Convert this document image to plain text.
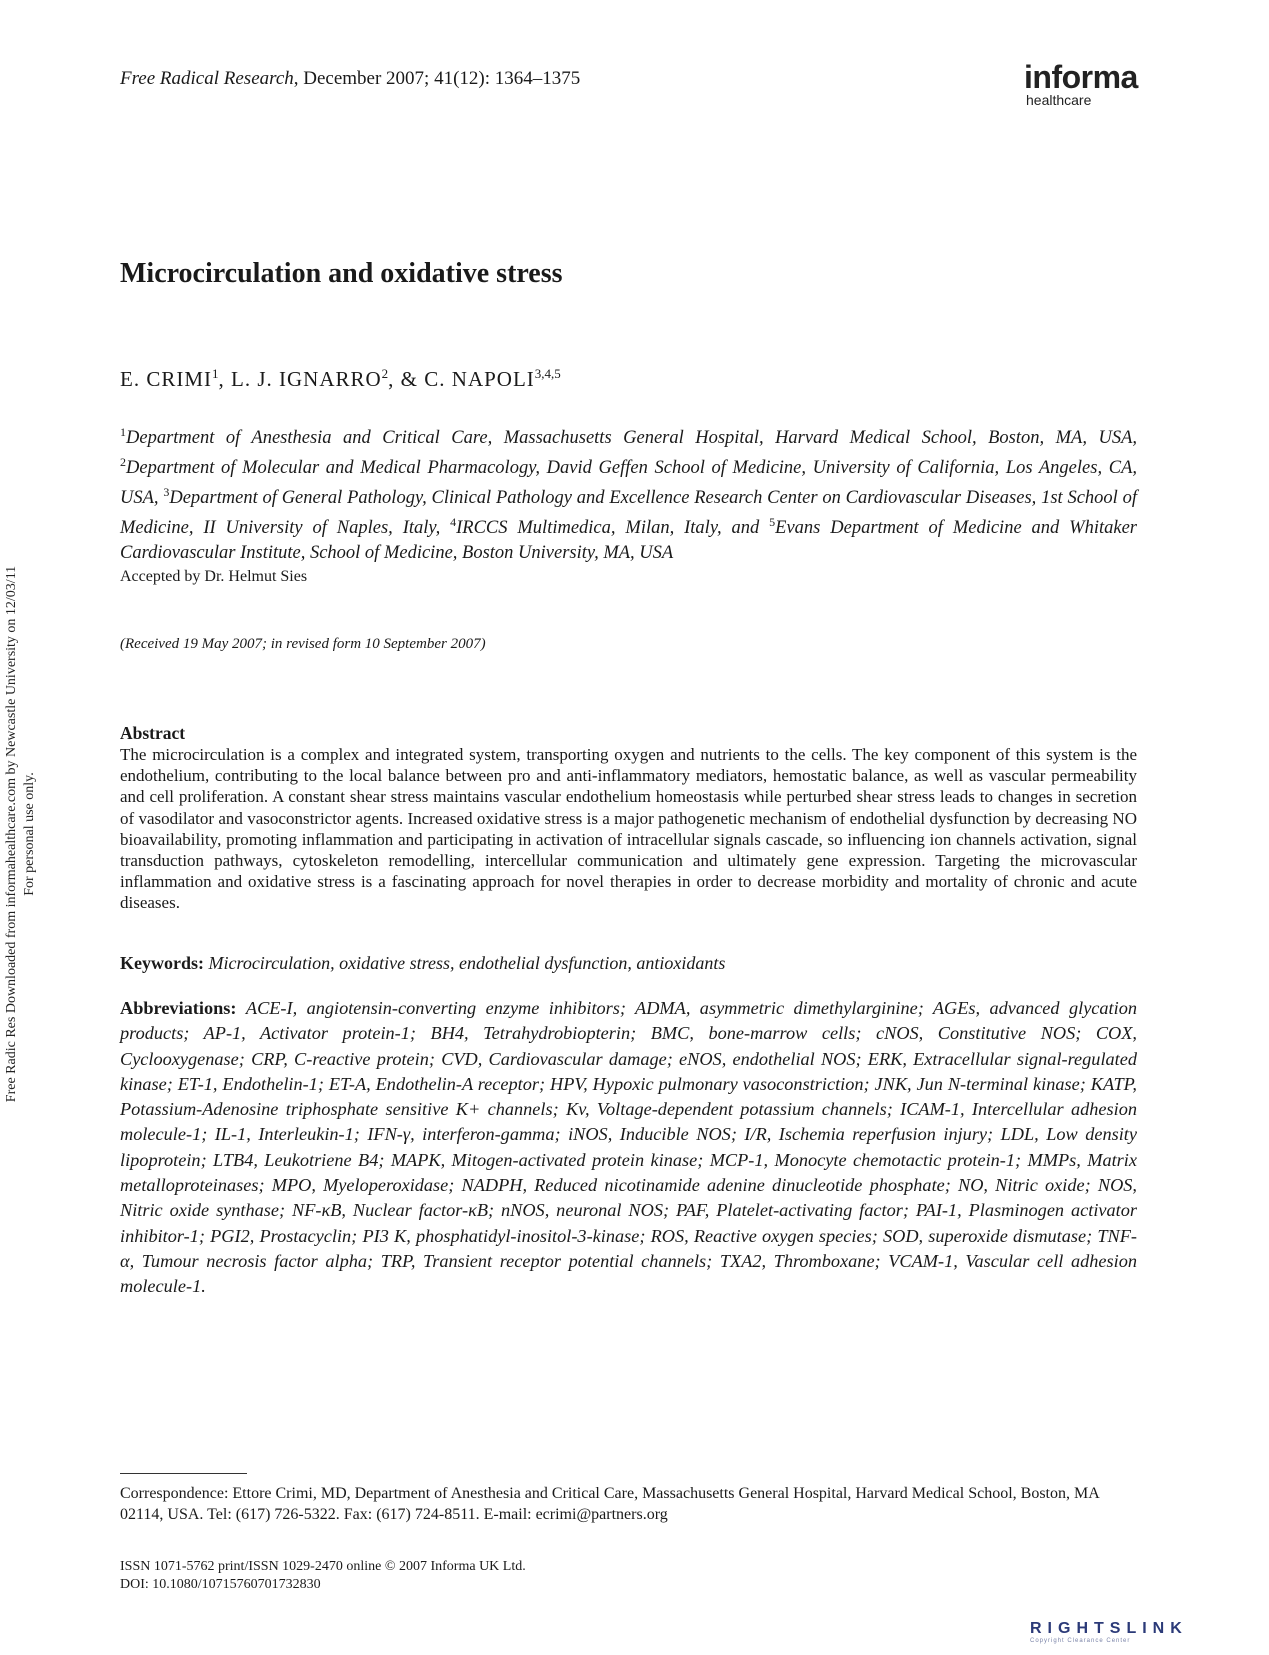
Free Radical Research, December 2007; 41(12): 1364–1375	informa
healthcare
Microcirculation and oxidative stress
E. CRIMI$^1$, L. J. IGNARRO$^2$, & C. NAPOLI$^{3,4,5}$
$^1$Department of Anesthesia and Critical Care, Massachusetts General Hospital, Harvard Medical School, Boston, MA, USA, $^2$Department of Molecular and Medical Pharmacology, David Geffen School of Medicine, University of California, Los Angeles, CA, USA, $^3$Department of General Pathology, Clinical Pathology and Excellence Research Center on Cardiovascular Diseases, 1st School of Medicine, II University of Naples, Italy, $^4$IRCCS Multimedica, Milan, Italy, and $^5$Evans Department of Medicine and Whitaker Cardiovascular Institute, School of Medicine, Boston University, MA, USA
Accepted by Dr. Helmut Sies
(Received 19 May 2007; in revised form 10 September 2007)
Abstract

The microcirculation is a complex and integrated system, transporting oxygen and nutrients to the cells. The key component of this system is the endothelium, contributing to the local balance between pro and anti-inflammatory mediators, hemostatic balance, as well as vascular permeability and cell proliferation. A constant shear stress maintains vascular endothelium homeostasis while perturbed shear stress leads to changes in secretion of vasodilator and vasoconstrictor agents. Increased oxidative stress is a major pathogenetic mechanism of endothelial dysfunction by decreasing NO bioavailability, promoting inflammation and participating in activation of intracellular signals cascade, so influencing ion channels activation, signal transduction pathways, cytoskeleton remodelling, intercellular communication and ultimately gene expression. Targeting the microvascular inflammation and oxidative stress is a fascinating approach for novel therapies in order to decrease morbidity and mortality of chronic and acute diseases.

Keywords: Microcirculation, oxidative stress, endothelial dysfunction, antioxidants
Abbreviations: ACE-I, angiotensin-converting enzyme inhibitors; ADMA, asymmetric dimethylarginine; AGEs, advanced glycation products; AP-1, Activator protein-1; BH4, Tetrahydrobiopterin; BMC, bone-marrow cells; cNOS, Constitutive NOS; COX, Cyclooxygenase; CRP, C-reactive protein; CVD, Cardiovascular damage; eNOS, endothelial NOS; ERK, Extracellular signal-regulated kinase; ET-1, Endothelin-1; ET-A, Endothelin-A receptor; HPV, Hypoxic pulmonary vasoconstriction; JNK, Jun N-terminal kinase; KATP, Potassium-Adenosine triphosphate sensitive K+ channels; Kv, Voltage-dependent potassium channels; ICAM-1, Intercellular adhesion molecule-1; IL-1, Interleukin-1; IFN-γ, interferon-gamma; iNOS, Inducible NOS; I/R, Ischemia reperfusion injury; LDL, Low density lipoprotein; LTB4, Leukotriene B4; MAPK, Mitogen-activated protein kinase; MCP-1, Monocyte chemotactic protein-1; MMPs, Matrix metalloproteinases; MPO, Myeloperoxidase; NADPH, Reduced nicotinamide adenine dinucleotide phosphate; NO, Nitric oxide; NOS, Nitric oxide synthase; NF-κB, Nuclear factor-κB; nNOS, neuronal NOS; PAF, Platelet-activating factor; PAI-1, Plasminogen activator inhibitor-1; PGI2, Prostacyclin; PI3 K, phosphatidyl-inositol-3-kinase; ROS, Reactive oxygen species; SOD, superoxide dismutase; TNF-α, Tumour necrosis factor alpha; TRP, Transient receptor potential channels; TXA2, Thromboxane; VCAM-1, Vascular cell adhesion molecule-1.
Correspondence: Ettore Crimi, MD, Department of Anesthesia and Critical Care, Massachusetts General Hospital, Harvard Medical School, Boston, MA 02114, USA. Tel: (617) 726-5322. Fax: (617) 724-8511. E-mail: ecrimi@partners.org
ISSN 1071-5762 print/ISSN 1029-2470 online © 2007 Informa UK Ltd.
DOI: 10.1080/10715760701732830
Free Radic Res Downloaded from informahealthcare.com by Newcastle University on 12/03/11 For personal use only.
RIGHTSLINK
Copyright Clearance Center
